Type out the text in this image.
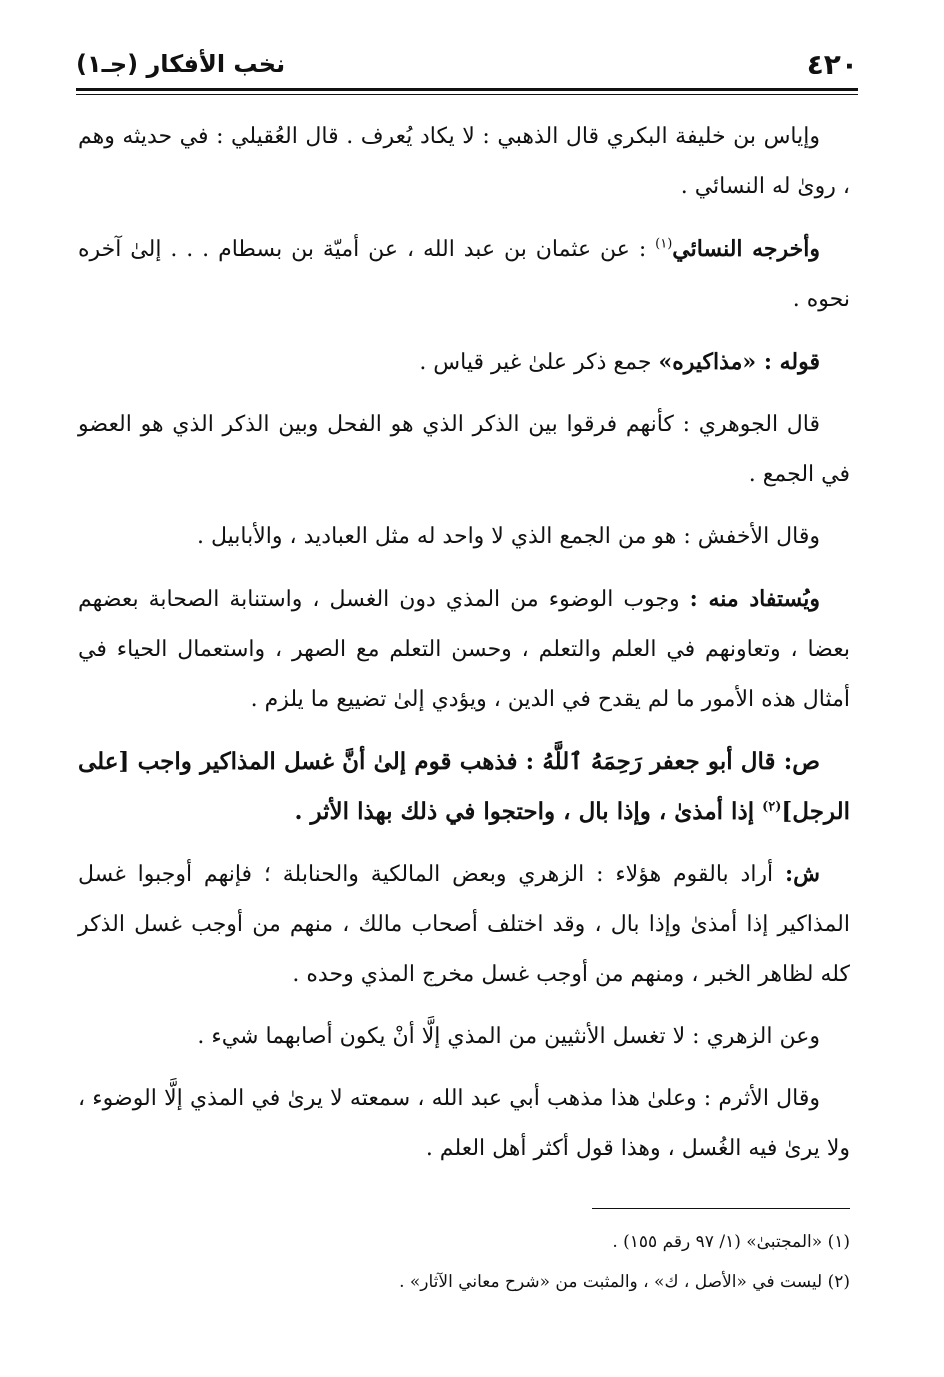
٤٢٠
نخب الأفكار (جـ١)

وإياس بن خليفة البكري قال الذهبي : لا يكاد يُعرف . قال العُقيلي : في حديثه وهم ، روىٰ له النسائي .

وأخرجه النسائي$^{(١)}$ : عن عثمان بن عبد الله ، عن أميّة بن بسطام . . . إلىٰ آخره نحوه .

قوله : «مذاكيره» جمع ذكر علىٰ غير قياس .

قال الجوهري : كأنهم فرقوا بين الذكر الذي هو الفحل وبين الذكر الذي هو العضو في الجمع .

وقال الأخفش : هو من الجمع الذي لا واحد له مثل العباديد ، والأبابيل .

ويُستفاد منه : وجوب الوضوء من المذي دون الغسل ، واستنابة الصحابة بعضهم بعضا ، وتعاونهم في العلم والتعلم ، وحسن التعلم مع الصهر ، واستعمال الحياء في أمثال هذه الأمور ما لم يقدح في الدين ، ويؤدي إلىٰ تضييع ما يلزم .

ص: قال أبو جعفر رَحِمَهُ ٱللَّهُ : فذهب قوم إلىٰ أنَّ غسل المذاكير واجب [على الرجل]$^{(٢)}$ إذا أمذىٰ ، وإذا بال ، واحتجوا في ذلك بهذا الأثر .

ش: أراد بالقوم هؤلاء : الزهري وبعض المالكية والحنابلة ؛ فإنهم أوجبوا غسل المذاكير إذا أمذىٰ وإذا بال ، وقد اختلف أصحاب مالك ، منهم من أوجب غسل الذكر كله لظاهر الخبر ، ومنهم من أوجب غسل مخرج المذي وحده .

وعن الزهري : لا تغسل الأنثيين من المذي إلَّا أنْ يكون أصابهما شيء .

وقال الأثرم : وعلىٰ هذا مذهب أبي عبد الله ، سمعته لا يرىٰ في المذي إلَّا الوضوء ، ولا يرىٰ فيه الغُسل ، وهذا قول أكثر أهل العلم .

(١) «المجتبىٰ» (١/ ٩٧ رقم ١٥٥) .
(٢) ليست في «الأصل ، ك» ، والمثبت من «شرح معاني الآثار» .
